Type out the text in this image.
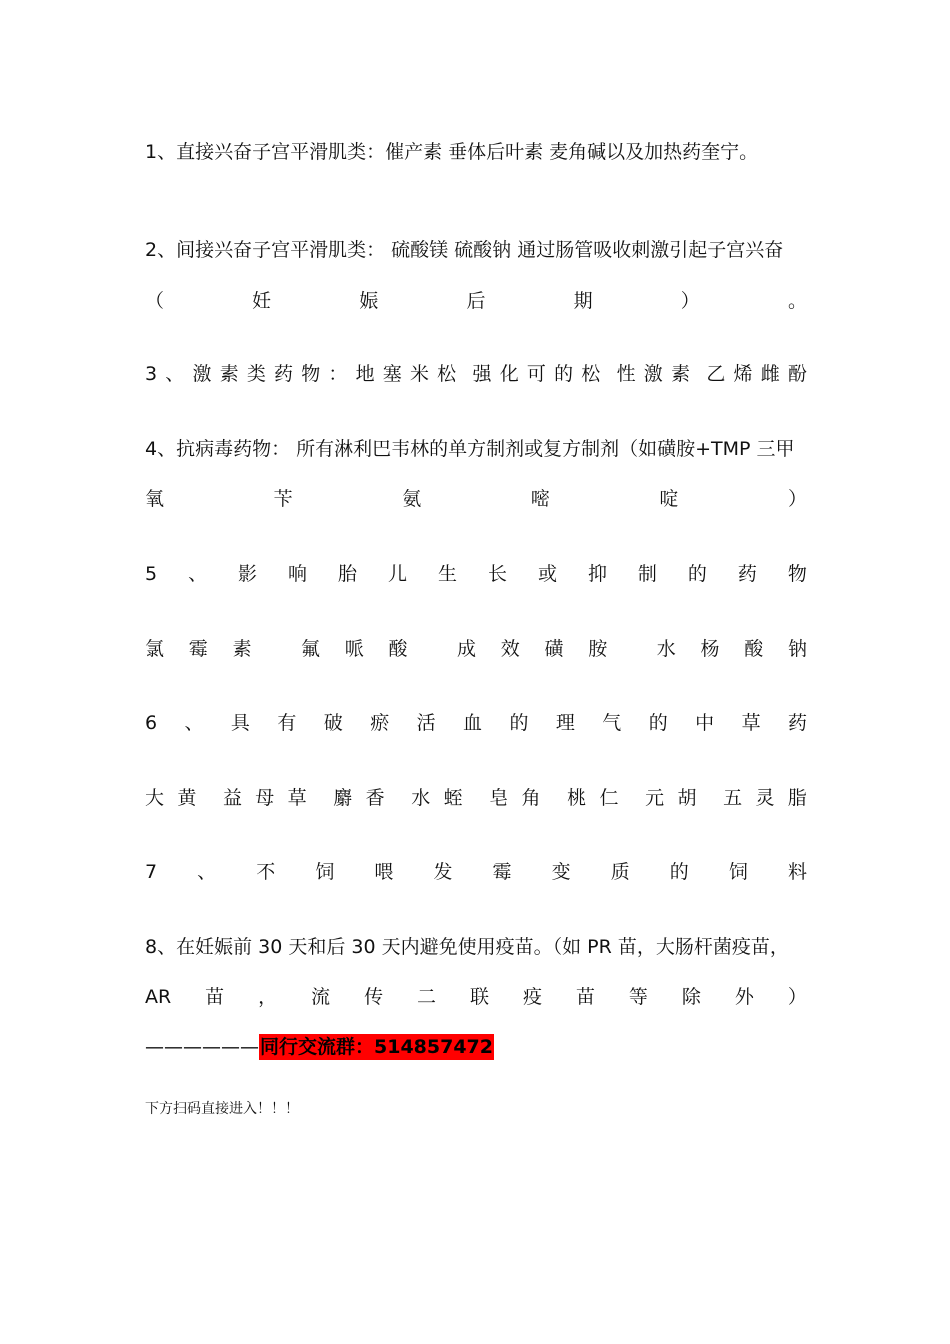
1、直接兴奋子宫平滑肌类：催产素 垂体后叶素 麦角碱以及加热药奎宁。
2、间接兴奋子宫平滑肌类： 硫酸镁 硫酸钠 通过肠管吸收刺激引起子宫兴奋
（	妊	娠	后	期	）	。
3 、 激 素 类 药 物 ： 地 塞 米 松 强 化 可 的 松 性 激 素 乙 烯 雌 酚
4、抗病毒药物： 所有淋利巴韦林的单方制剂或复方制剂（如磺胺+TMP 三甲
氧	苄	氨	嘧	啶	）
5 、 影 响 胎 儿 生 长 或 抑 制 的 药 物
氯 霉 素	氟 哌 酸	成 效 磺 胺	水 杨 酸 钠
6 、 具 有 破 瘀 活 血 的 理 气 的 中 草 药
大 黄 益 母 草 麝 香 水 蛭 皂 角 桃 仁 元 胡 五 灵 脂
7 、 不 饲 喂 发 霉 变 质 的 饲 料
8、在妊娠前 30 天和后 30 天内避免使用疫苗。（如 PR 苗，大肠杆菌疫苗，
AR 苗 ， 流 传 二 联 疫 苗 等 除 外 ）
—————— 同行交流群：514857472
下方扫码直接进入！！！
